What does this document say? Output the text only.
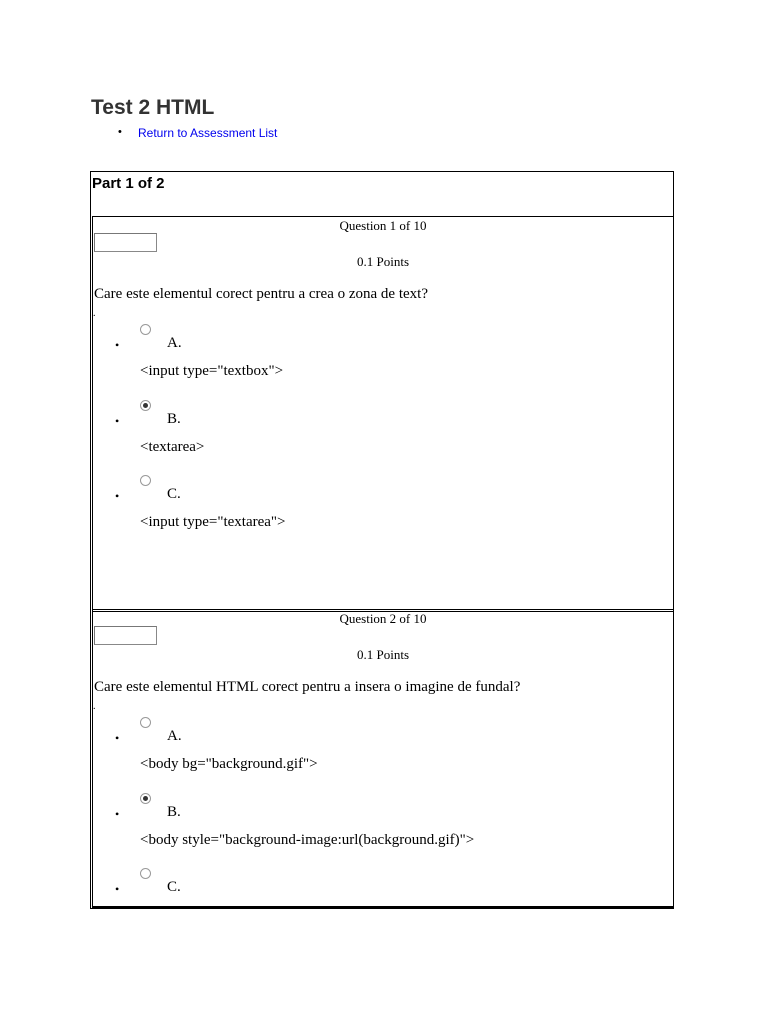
Test 2 HTML
• Return to Assessment List
Part 1 of 2
Question 1 of 10
0.1 Points
Care este elementul corect pentru a crea o zona de text?
.
•	A.
<input type="textbox">
•	B.
<textarea>
•	C.
<input type="textarea">
Question 2 of 10
0.1 Points
Care este elementul HTML corect pentru a insera o imagine de fundal?
.
•	A.
<body bg="background.gif">
•	B.
<body style="background-image:url(background.gif)">
•	C.
